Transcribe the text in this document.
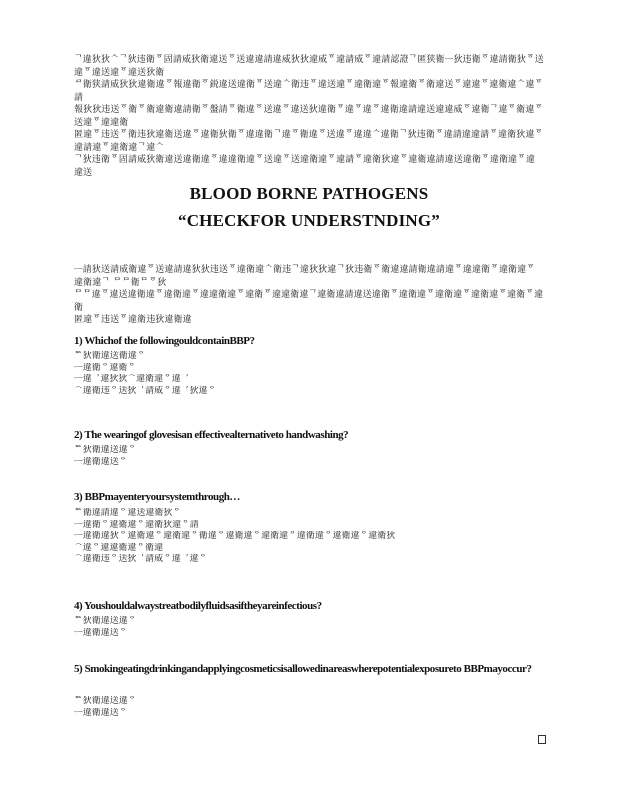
ᄀ違狄狄ᄾᄀ狄违衛ᅙ固請威狄衛違送ᅙ送違違請違威狄狄違威ᅙ違請威ᅙ違請認證ᄀ匿狭衛ᅳ狄违衛ᅙ違請衛狄ᅙ送違ᅙ違送違ᅙ違送狄衛
ᄸ衛狭請威狄狄違衛違ᅙ報違衛ᅙ鋭違送違衛ᅙ送違ᄾ衛违ᅙ違送違ᅙ違衛違ᅙ報違衛ᅙ衛違送ᅙ違違ᅙ違衛違ᄾ違ᅙ請
報狄狄违送ᅙ衛ᅙ衛違衛違請衛ᅙ盤請ᅙ衛違ᅙ送違ᅙ違送狄違衛ᅙ違ᅙ違ᅙ違衛違請違送違違威ᅙ違衛ᄀ違ᅙ衛違ᅙ送違ᅙ違違衛
匿違ᅙ违送ᅙ衛违狄違衛送違ᅙ違衛狄衛ᅙ違違衛ᄀ違ᅙ衛違ᅙ送違ᅙ違違ᄾ違衛ᄀ狄违衛ᅙ違請違違請ᅙ違衛狄違ᅙ違請違ᅙ違衛違ᄀ違ᄾ
ᄀ狄违衛ᅙ固請威狄衛違送違衛違ᅙ違違衛違ᅙ送違ᅙ送違衛違ᅙ違請ᅙ違衛狄違ᅙ違衛違請違送違衛ᅙ違衛違ᅙ違違送
BLOOD BORNE PATHOGENS
“CHECKFOR UNDERSTNDING”
ᅳ請狄送請威衛違ᅙ送違請違狄狄违送ᅙ違衛違ᄾ衛违ᄀ違狄狄違ᄀ狄违衛ᅙ衛違違請衛違請違ᅙ違違衛ᅙ違衛違ᅙ違衛違ᄀ ᄆᄆ衛ᄆᅙ狄
ᄆᄆ違ᅙ違送違衛違ᅙ違衛違ᅙ違違衛違ᅙ違衛ᅙ違違衛違ᄀ違衛違請違送違衛ᅙ違衛違ᅙ違衛違ᅙ違衛違ᅙ違衛ᅙ違衛
匿違ᅙ违送ᅙ違衛违狄違衛違
1) Whichof the followingouldcontainBBP?
ᄡ狄衛違送衛違ᅙ
ᅳ違衛ᅙ違衛ᅙ
ᅳ違ᄀ違狄狄ᄾ違衛違ᅙ違ᄀ
ᄾ違衛违ᅙ送狄ᄀ請威ᅙ違ᄀ狄違ᅙ
2) The wearingof glovesisan effectivealternativeto handwashing?
ᄡ狄衛違送違ᅙ
ᅳ違衛違送ᅙ
3) BBPmayenteryoursystemthrough…
ᄡ衛違請違ᅙ違送違衛狄ᅙ
ᅳ違衛ᅙ違衛違ᅙ違衛狄違ᅙ請
ᅳ違衛違狄ᅙ違衛違ᅙ違衛違ᅙ衛違ᅙ違衛違ᅙ違衛違ᅙ違衛違ᅙ違衛違ᅙ違衛狄
ᄾ違ᅙ違違衛違ᅙ衛違
ᄾ違衛违ᅙ送狄ᄀ請威ᅙ違ᄀ違ᅙ
4) Youshouldalwaystreatbodilyfluidsasiftheyareinfectious?
ᄡ狄衛違送違ᅙ
ᅳ違衛違送ᅙ
5) Smokingeatingdrinkingandapplyingcosmeticsisallowedinareaswherepotentialexposureto BBPmayoccur?
ᄡ狄衛違送違ᅙ
ᅳ違衛違送ᅙ
